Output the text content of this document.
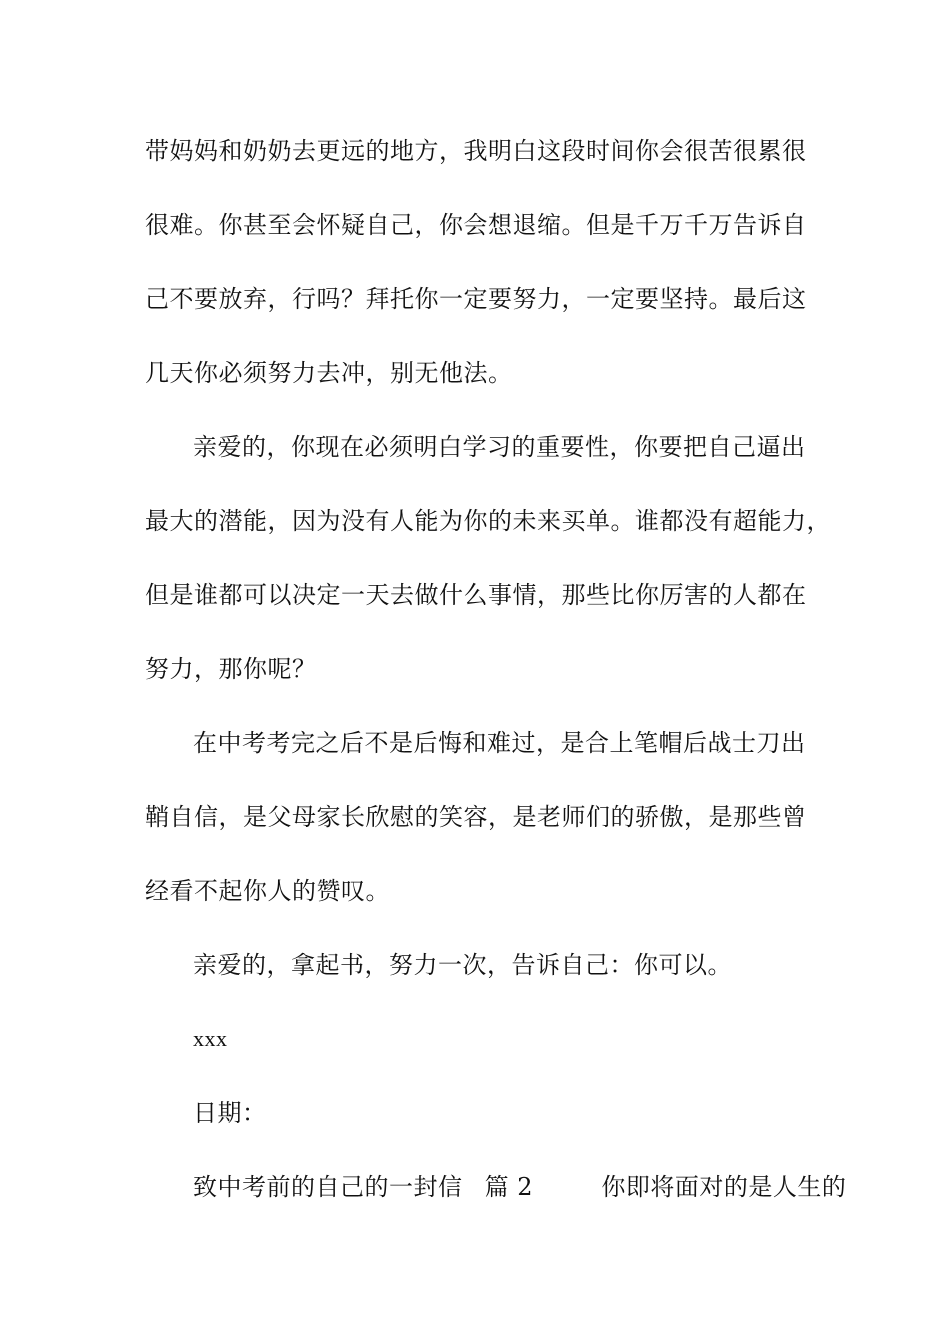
带妈妈和奶奶去更远的地方，我明白这段时间你会很苦很累很
很难。你甚至会怀疑自己，你会想退缩。但是千万千万告诉自
己不要放弃，行吗？拜托你一定要努力，一定要坚持。最后这
几天你必须努力去冲，别无他法。
亲爱的，你现在必须明白学习的重要性，你要把自己逼出
最大的潜能，因为没有人能为你的未来买单。谁都没有超能力，
但是谁都可以决定一天去做什么事情，那些比你厉害的人都在
努力，那你呢？
在中考考完之后不是后悔和难过，是合上笔帽后战士刀出
鞘自信，是父母家长欣慰的笑容，是老师们的骄傲，是那些曾
经看不起你人的赞叹。
亲爱的，拿起书，努力一次，告诉自己：你可以。
xxx
日期：
致中考前的自己的一封信 篇 2	你即将面对的是人生的
